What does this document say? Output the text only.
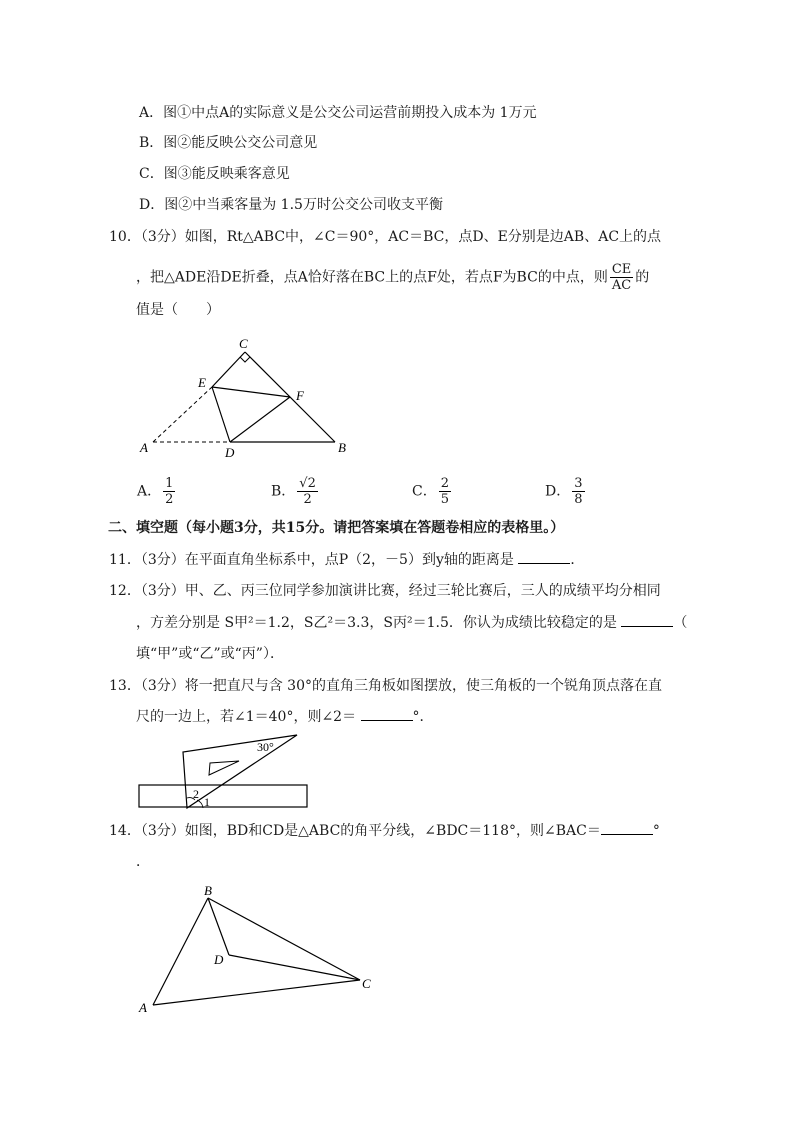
A．图①中点A的实际意义是公交公司运营前期投入成本为 1万元
B．图②能反映公交公司意见
C．图③能反映乘客意见
D．图②中当乘客量为 1.5万时公交公司收支平衡
10．（3分）如图，Rt△ABC中，∠C＝90°，AC＝BC，点D、E分别是边AB、AC上的点
，把△ADE沿DE折叠，点A恰好落在BC上的点F处，若点F为BC的中点，则 $\frac{CE}{AC}$ 的
值是（　　）
C
E
F
A	D	B
A． $\frac{1}{2}$	B． $\frac{√2}{2}$	C． $\frac{2}{5}$	D． $\frac{3}{8}$
二、填空题（每小题3分，共15分。请把答案填在答题卷相应的表格里。）
11．（3分）在平面直角坐标系中，点P（2，－5）到y轴的距离是	．
12．（3分）甲、乙、丙三位同学参加演讲比赛，经过三轮比赛后，三人的成绩平均分相同
，方差分别是 S甲²＝1.2，S乙²＝3.3，S丙²＝1.5．你认为成绩比较稳定的是	（
填“甲”或“乙”或“丙”）．
13．（3分）将一把直尺与含 30°的直角三角板如图摆放，使三角板的一个锐角顶点落在直
尺的一边上，若∠1＝40°，则∠2＝	°．
30°
2
1
14．（3分）如图，BD和CD是△ABC的角平分线，∠BDC＝118°，则∠BAC＝	°
．
B
D
A
C
